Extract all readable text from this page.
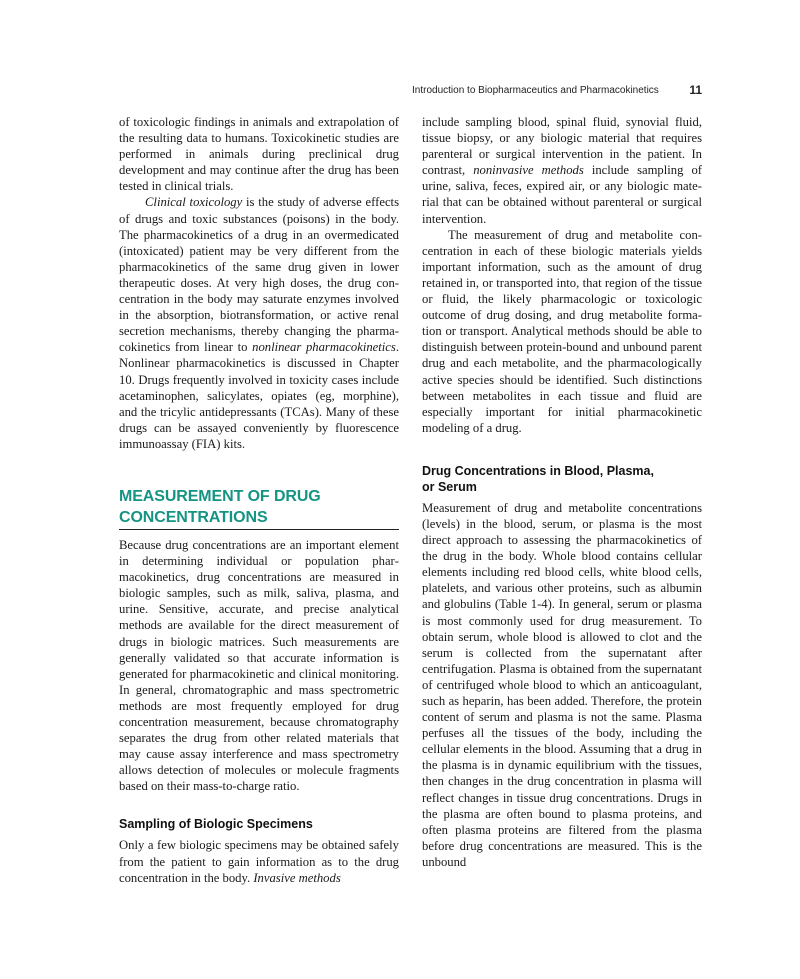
Introduction to Biopharmaceutics and Pharmacokinetics	11

of toxicologic findings in animals and extrapolation of the resulting data to humans. Toxicokinetic studies are performed in animals during preclinical drug development and may continue after the drug has been tested in clinical trials.

Clinical toxicology is the study of adverse effects of drugs and toxic substances (poisons) in the body. The pharmacokinetics of a drug in an overmedicated (intoxicated) patient may be very different from the pharmacokinetics of the same drug given in lower therapeutic doses. At very high doses, the drug concentration in the body may saturate enzymes involved in the absorption, biotransformation, or active renal secretion mechanisms, thereby changing the pharmacokinetics from linear to nonlinear pharmacokinetics. Nonlinear pharmacokinetics is discussed in Chapter 10. Drugs frequently involved in toxicity cases include acetaminophen, salicylates, opiates (eg, morphine), and the tricylic antidepressants (TCAs). Many of these drugs can be assayed conveniently by fluorescence immunoassay (FIA) kits.

MEASUREMENT OF DRUG
CONCENTRATIONS

Because drug concentrations are an important element in determining individual or population pharmacokinetics, drug concentrations are measured in biologic samples, such as milk, saliva, plasma, and urine. Sensitive, accurate, and precise analytical methods are available for the direct measurement of drugs in biologic matrices. Such measurements are generally validated so that accurate information is generated for pharmacokinetic and clinical monitoring. In general, chromatographic and mass spectrometric methods are most frequently employed for drug concentration measurement, because chromatography separates the drug from other related materials that may cause assay interference and mass spectrometry allows detection of molecules or molecule fragments based on their mass-to-charge ratio.

Sampling of Biologic Specimens

Only a few biologic specimens may be obtained safely from the patient to gain information as to the drug concentration in the body. Invasive methods

include sampling blood, spinal fluid, synovial fluid, tissue biopsy, or any biologic material that requires parenteral or surgical intervention in the patient. In contrast, noninvasive methods include sampling of urine, saliva, feces, expired air, or any biologic material that can be obtained without parenteral or surgical intervention.

The measurement of drug and metabolite concentration in each of these biologic materials yields important information, such as the amount of drug retained in, or transported into, that region of the tissue or fluid, the likely pharmacologic or toxicologic outcome of drug dosing, and drug metabolite formation or transport. Analytical methods should be able to distinguish between protein-bound and unbound parent drug and each metabolite, and the pharmacologically active species should be identified. Such distinctions between metabolites in each tissue and fluid are especially important for initial pharmacokinetic modeling of a drug.

Drug Concentrations in Blood, Plasma,
or Serum

Measurement of drug and metabolite concentrations (levels) in the blood, serum, or plasma is the most direct approach to assessing the pharmacokinetics of the drug in the body. Whole blood contains cellular elements including red blood cells, white blood cells, platelets, and various other proteins, such as albumin and globulins (Table 1-4). In general, serum or plasma is most commonly used for drug measurement. To obtain serum, whole blood is allowed to clot and the serum is collected from the supernatant after centrifugation. Plasma is obtained from the supernatant of centrifuged whole blood to which an anticoagulant, such as heparin, has been added. Therefore, the protein content of serum and plasma is not the same. Plasma perfuses all the tissues of the body, including the cellular elements in the blood. Assuming that a drug in the plasma is in dynamic equilibrium with the tissues, then changes in the drug concentration in plasma will reflect changes in tissue drug concentrations. Drugs in the plasma are often bound to plasma proteins, and often plasma proteins are filtered from the plasma before drug concentrations are measured. This is the unbound
